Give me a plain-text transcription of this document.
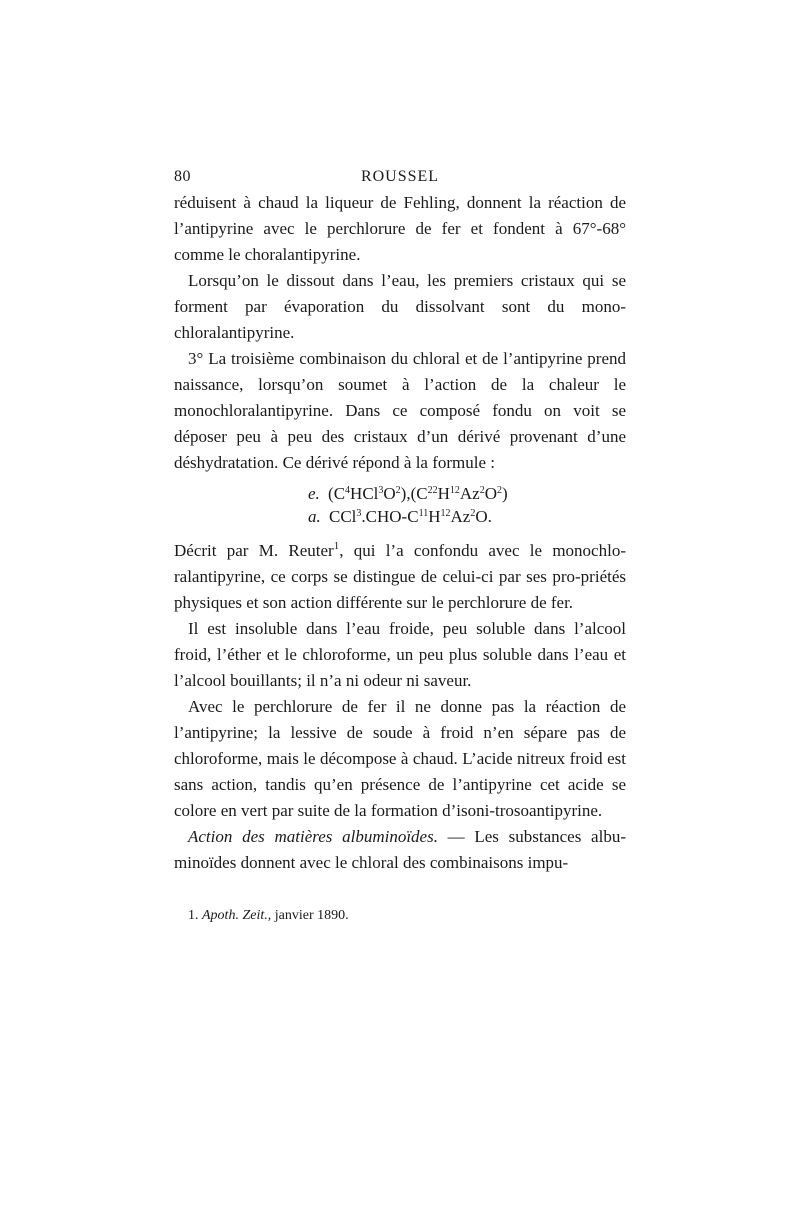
80	ROUSSEL

réduisent à chaud la liqueur de Fehling, donnent la réaction de l’antipyrine avec le perchlorure de fer et fondent à 67°-68° comme le choralantipyrine.

Lorsqu’on le dissout dans l’eau, les premiers cristaux qui se forment par évaporation du dissolvant sont du mono-chloralantipyrine.

3° La troisième combinaison du chloral et de l’antipyrine prend naissance, lorsqu’on soumet à l’action de la chaleur le monochloralantipyrine. Dans ce composé fondu on voit se déposer peu à peu des cristaux d’un dérivé provenant d’une déshydratation. Ce dérivé répond à la formule :

e. $(C^4HCl^3O^2),(C^{22}H^{12}Az^2O^2)$
a. $CCl^3.CHO-C^{11}H^{12}Az^2O$.

Décrit par M. Reuter$^1$, qui l’a confondu avec le monochlo-ralantipyrine, ce corps se distingue de celui-ci par ses pro-priétés physiques et son action différente sur le perchlorure de fer.

Il est insoluble dans l’eau froide, peu soluble dans l’alcool froid, l’éther et le chloroforme, un peu plus soluble dans l’eau et l’alcool bouillants; il n’a ni odeur ni saveur.

Avec le perchlorure de fer il ne donne pas la réaction de l’antipyrine; la lessive de soude à froid n’en sépare pas de chloroforme, mais le décompose à chaud. L’acide nitreux froid est sans action, tandis qu’en présence de l’antipyrine cet acide se colore en vert par suite de la formation d’isoni-trosoantipyrine.

Action des matières albuminoïdes. — Les substances albu-minoïdes donnent avec le chloral des combinaisons impu-

1. Apoth. Zeit., janvier 1890.
